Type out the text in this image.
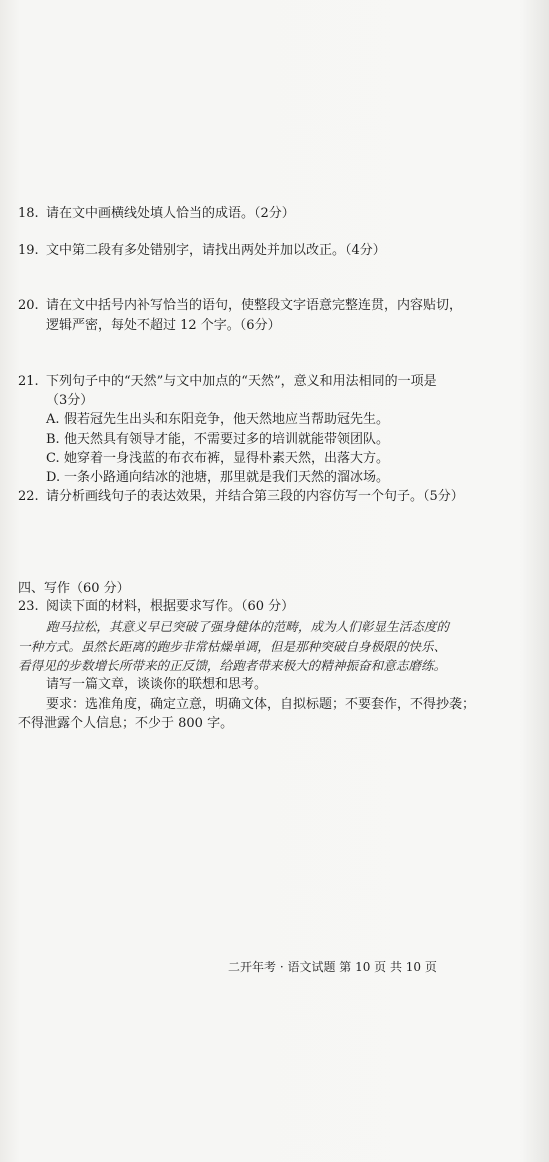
18. 请在文中画横线处填人恰当的成语。（2分）
19. 文中第二段有多处错别字，请找出两处并加以改正。（4分）
20. 请在文中括号内补写恰当的语句，使整段文字语意完整连贯，内容贴切，
逻辑严密，每处不超过 12 个字。（6分）
21. 下列句子中的“天然”与文中加点的“天然”，意义和用法相同的一项是
（3分）
A. 假若冠先生出头和东阳竞争，他天然地应当帮助冠先生。
B. 他天然具有领导才能，不需要过多的培训就能带领团队。
C. 她穿着一身浅蓝的布衣布裤，显得朴素天然，出落大方。
D. 一条小路通向结冰的池塘，那里就是我们天然的溜冰场。
22. 请分析画线句子的表达效果，并结合第三段的内容仿写一个句子。（5分）
四、写作（60 分）
23. 阅读下面的材料，根据要求写作。（60 分）
跑马拉松，其意义早已突破了强身健体的范畴，成为人们彰显生活态度的
一种方式。虽然长距离的跑步非常枯燥单调，但是那种突破自身极限的快乐、
看得见的步数增长所带来的正反馈，给跑者带来极大的精神振奋和意志磨练。
请写一篇文章，谈谈你的联想和思考。
要求：选准角度，确定立意，明确文体，自拟标题；不要套作，不得抄袭；
不得泄露个人信息；不少于 800 字。
二开年考 · 语文试题 第 10 页 共 10 页
